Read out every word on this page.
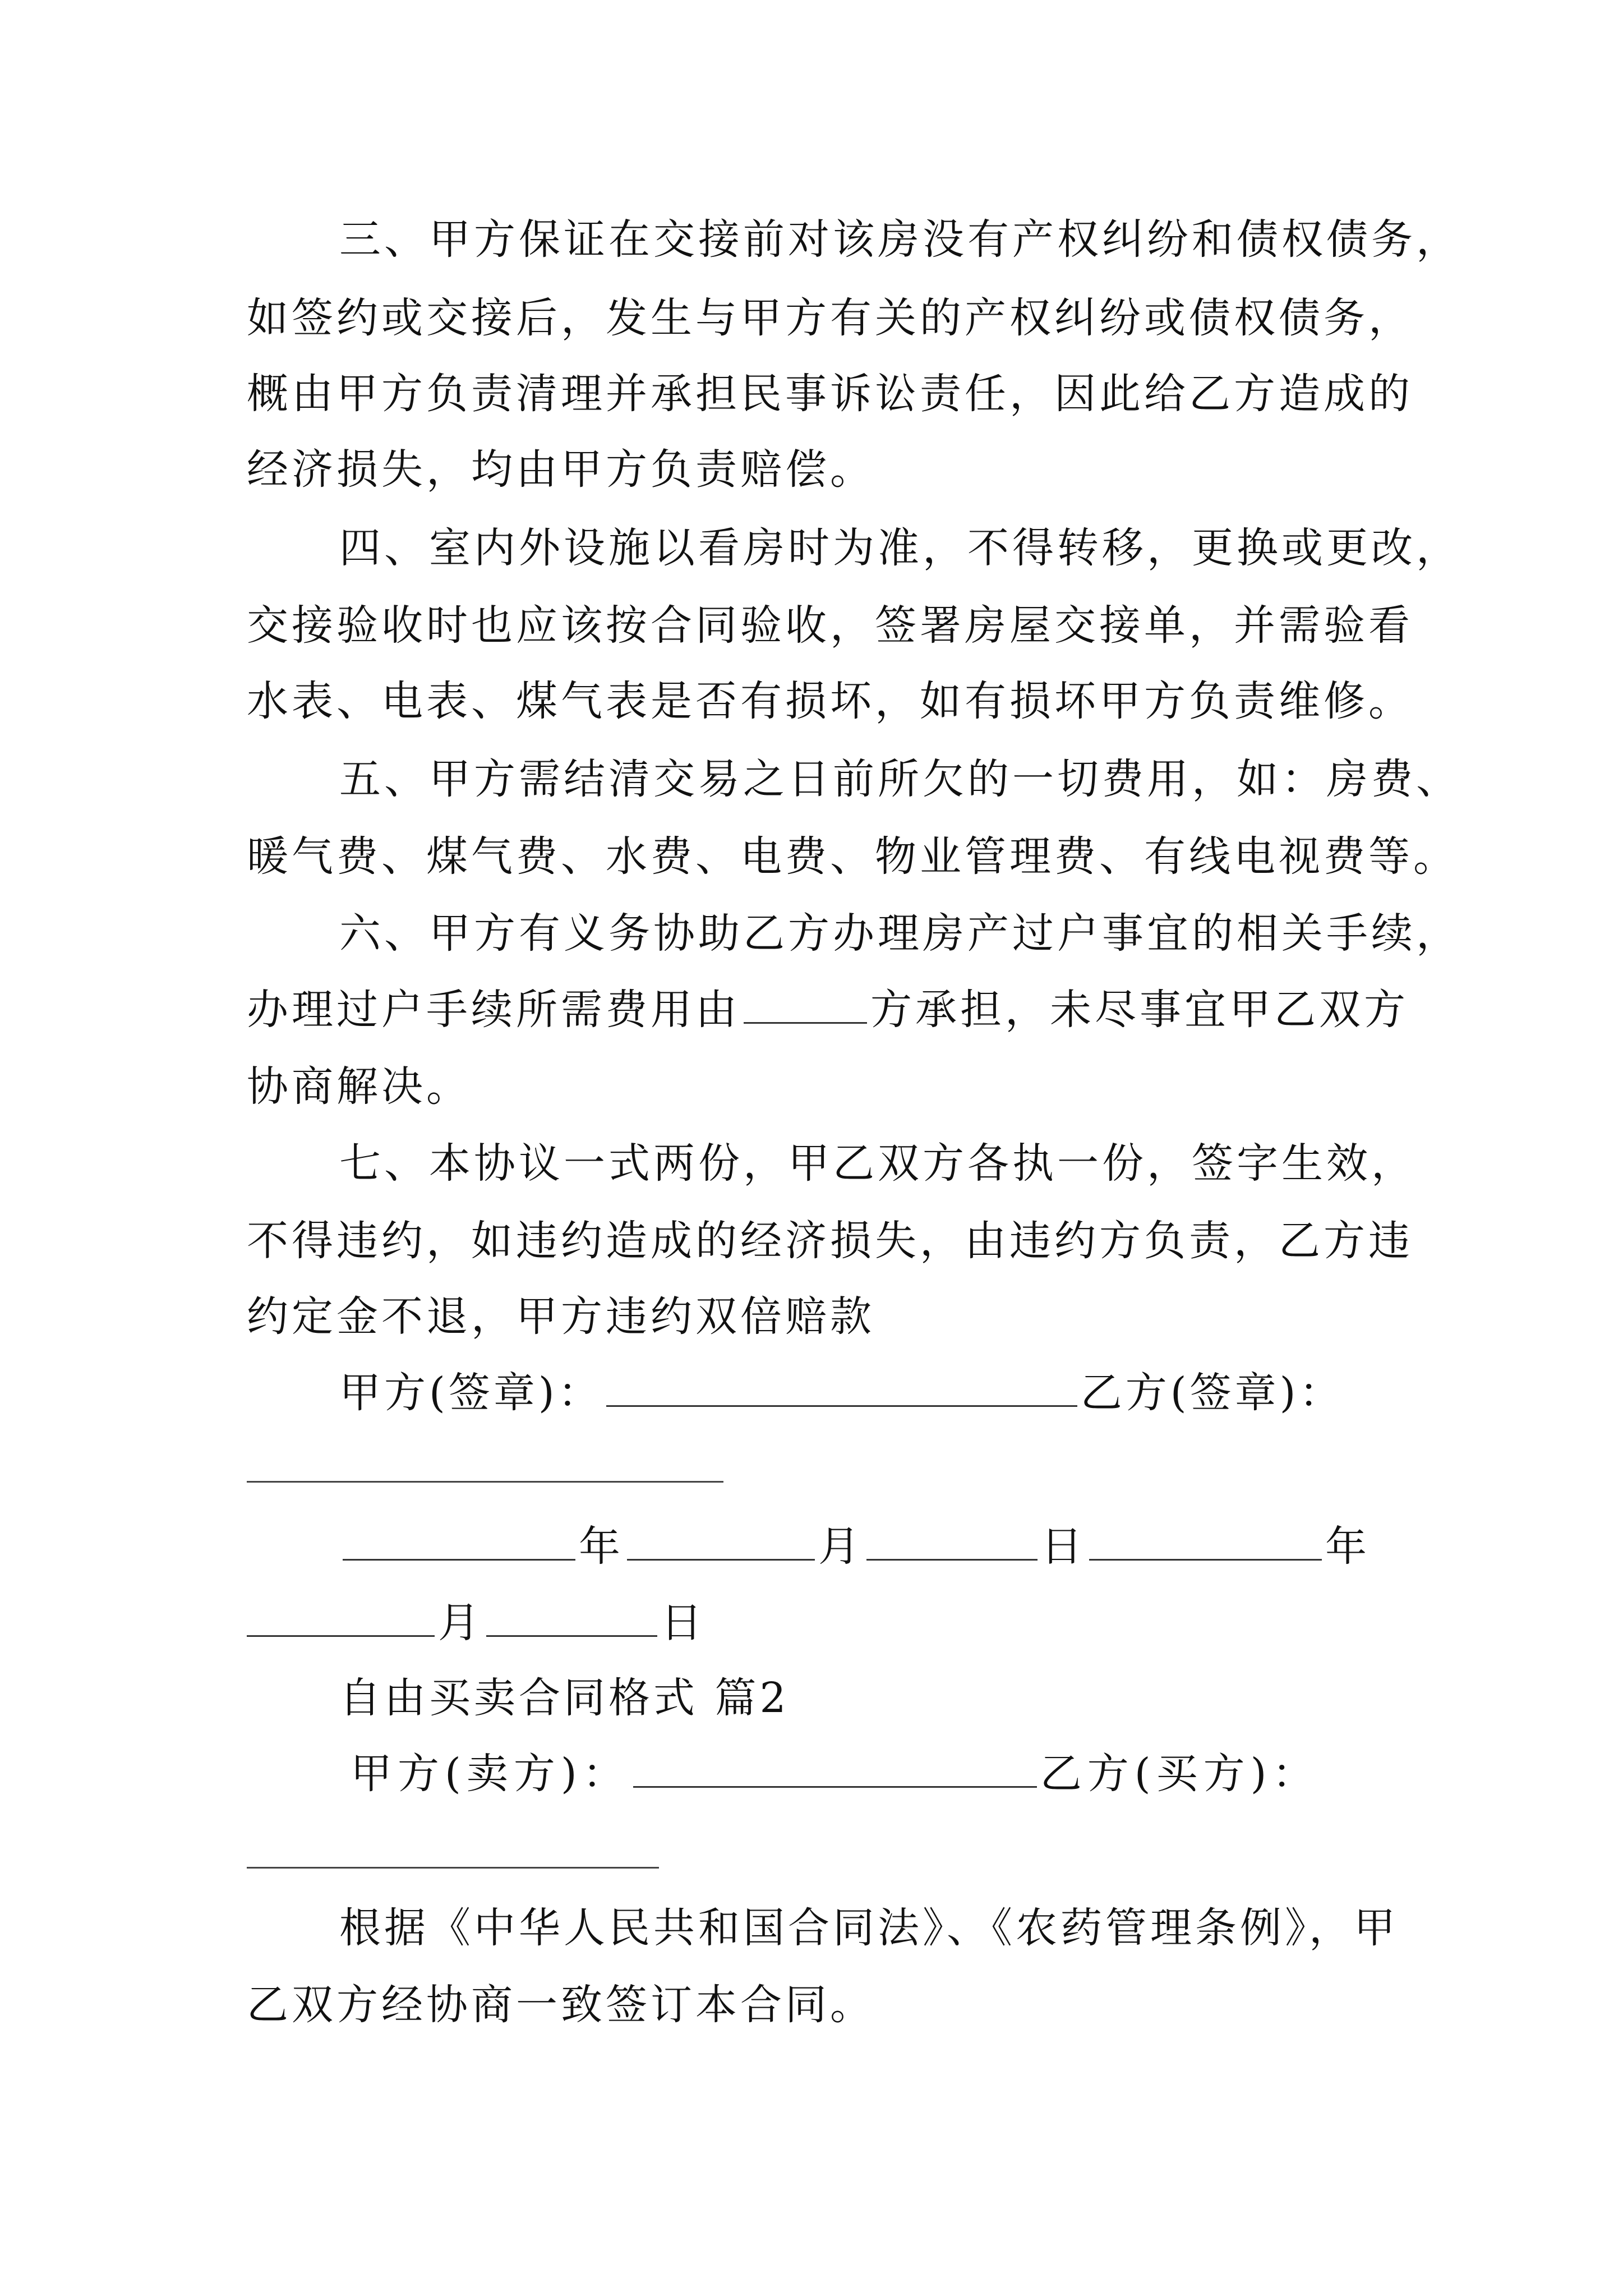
三、甲方保证在交接前对该房没有产权纠纷和债权债务，
如签约或交接后，发生与甲方有关的产权纠纷或债权债务，
概由甲方负责清理并承担民事诉讼责任，因此给乙方造成的
经济损失，均由甲方负责赔偿。
四、室内外设施以看房时为准，不得转移，更换或更改，
交接验收时也应该按合同验收，签署房屋交接单，并需验看
水表、电表、煤气表是否有损坏，如有损坏甲方负责维修。
五、甲方需结清交易之日前所欠的一切费用，如：房费、
暖气费、煤气费、水费、电费、物业管理费、有线电视费等。
六、甲方有义务协助乙方办理房产过户事宜的相关手续，
办理过户手续所需费用由	方承担，未尽事宜甲乙双方
协商解决。
七、本协议一式两份，甲乙双方各执一份，签字生效，
不得违约，如违约造成的经济损失，由违约方负责，乙方违
约定金不退，甲方违约双倍赔款
甲方(签章)：	乙方(签章)：
年	月	日	年
月	日
自由买卖合同格式 篇2
甲方(卖方)：	乙方(买方)：
根据《中华人民共和国合同法》、《农药管理条例》，甲
乙双方经协商一致签订本合同。
